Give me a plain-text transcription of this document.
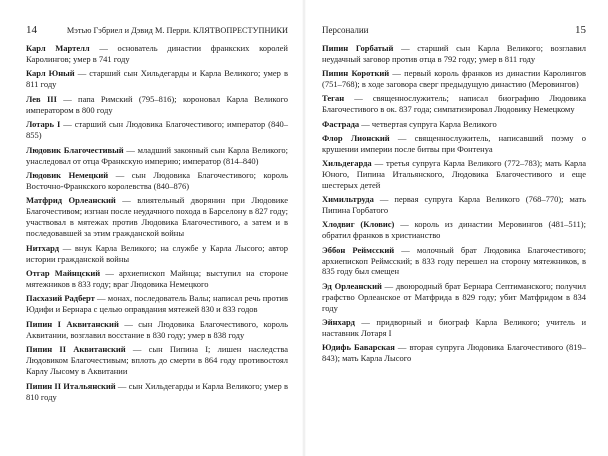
14	Мэтью Гэбриел и Дэвид М. Перри. КЛЯТВОПРЕСТУПНИКИ

Карл Мартелл — основатель династии франкских королей Каролингов; умер в 741 году

Карл Юный — старший сын Хильдегарды и Карла Великого; умер в 811 году

Лев III — папа Римский (795–816); короновал Карла Великого императором в 800 году

Лотарь I — старший сын Людовика Благочестивого; император (840–855)

Людовик Благочестивый — младший законный сын Карла Великого; унаследовал от отца Франкскую империю; император (814–840)

Людовик Немецкий — сын Людовика Благочестивого; король Восточно-Франкского королевства (840–876)

Матфрид Орлеанский — влиятельный дворянин при Людовике Благочестивом; изгнан после неудачного похода в Барселону в 827 году; участвовал в мятежах против Людовика Благочестивого, а затем и в последовавшей за этим гражданской войны

Нитхард — внук Карла Великого; на службе у Карла Лысого; автор истории гражданской войны

Отгар Майнцский — архиепископ Майнца; выступил на стороне мятежников в 833 году; враг Людовика Немецкого

Пасхазий Радберт — монах, последователь Валы; написал речь против Юдифи и Бернара с целью оправдания мятежей 830 и 833 годов

Пипин I Аквитанский — сын Людовика Благочестивого, король Аквитании, возглавил восстание в 830 году; умер в 838 году

Пипин II Аквитанский — сын Пипина I; лишен наследства Людовиком Благочестивым; вплоть до смерти в 864 году противостоял Карлу Лысому в Аквитании

Пипин II Итальянский — сын Хильдегарды и Карла Великого; умер в 810 году

Персоналии	15

Пипин Горбатый — старший сын Карла Великого; возглавил неудачный заговор против отца в 792 году; умер в 811 году

Пипин Короткий — первый король франков из династии Каролингов (751–768); в ходе заговора сверг предыдущую династию (Меровингов)

Теган — священнослужитель; написал биографию Людовика Благочестивого в ок. 837 года; симпатизировал Людовику Немецкому

Фастрада — четвертая супруга Карла Великого

Флор Лионский — священнослужитель, написавший поэму о крушении империи после битвы при Фонтенуа

Хильдегарда — третья супруга Карла Великого (772–783); мать Карла Юного, Пипина Итальянского, Людовика Благочестивого и еще шестерых детей

Химильтруда — первая супруга Карла Великого (768–770); мать Пипина Горбатого

Хлодвиг (Кловис) — король из династии Меровингов (481–511); обратил франков в христианство

Эббон Реймсский — молочный брат Людовика Благочестивого; архиепископ Реймсский; в 833 году перешел на сторону мятежников, в 835 году был смещен

Эд Орлеанский — двоюродный брат Бернара Септиманского; получил графство Орлеанское от Матфрида в 829 году; убит Матфридом в 834 году

Эйнхард — придворный и биограф Карла Великого; учитель и наставник Лотаря I

Юдифь Баварская — вторая супруга Людовика Благочестивого (819–843); мать Карла Лысого
